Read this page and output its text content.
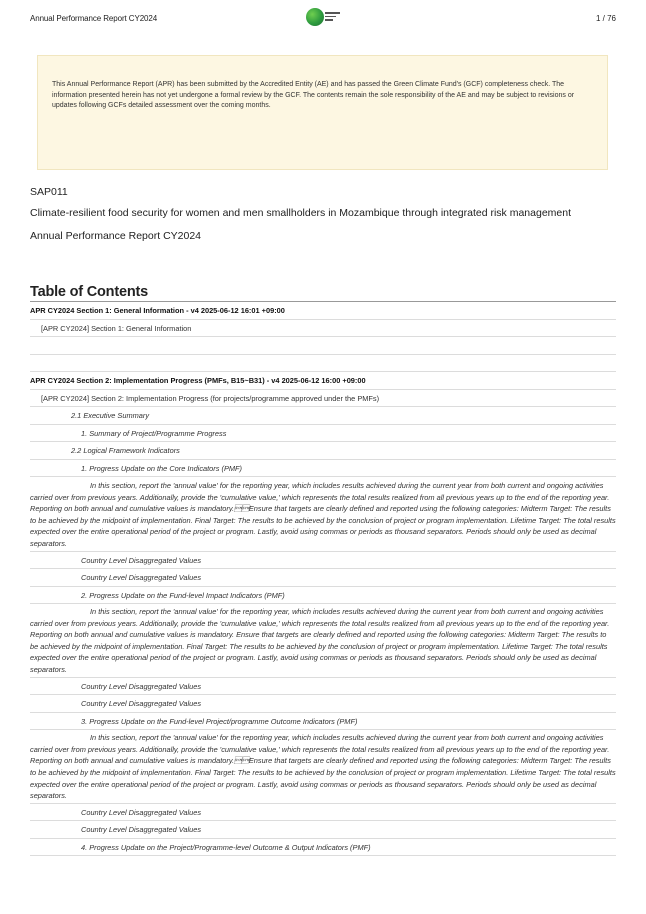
Annual Performance Report CY2024	1 / 76
This Annual Performance Report (APR) has been submitted by the Accredited Entity (AE) and has passed the Green Climate Fund's (GCF) completeness check. The information presented herein has not yet undergone a formal review by the GCF. The contents remain the sole responsibility of the AE and may be subject to revisions or updates following GCFs detailed assessment over the coming months.

SAP011

Climate-resilient food security for women and men smallholders in Mozambique through integrated risk management

Annual Performance Report CY2024

Table of Contents
APR CY2024 Section 1: General Information - v4 2025-06-12 16:01 +09:00
[APR CY2024] Section 1: General Information
APR CY2024 Section 2: Implementation Progress (PMFs, B15~B31) - v4 2025-06-12 16:00 +09:00
[APR CY2024] Section 2: Implementation Progress (for projects/programme approved under the PMFs)
2.1 Executive Summary
1. Summary of Project/Programme Progress
2.2 Logical Framework Indicators
1. Progress Update on the Core Indicators (PMF)
In this section, report the 'annual value' for the reporting year, which includes results achieved during the current year from both current and ongoing activities carried over from previous years. Additionally, provide the 'cumulative value,' which represents the total results realized from all previous years up to the end of the reporting year. Reporting on both annual and cumulative values is mandatory.Ensure that targets are clearly defined and reported using the following categories: Midterm Target: The results to be achieved by the midpoint of implementation. Final Target: The results to be achieved by the conclusion of project or program implementation. Lifetime Target: The total results expected over the entire operational period of the project or program. Lastly, avoid using commas or periods as thousand separators. Periods should only be used as decimal separators.
Country Level Disaggregated Values
Country Level Disaggregated Values
2. Progress Update on the Fund-level Impact Indicators (PMF)
In this section, report the 'annual value' for the reporting year, which includes results achieved during the current year from both current and ongoing activities carried over from previous years. Additionally, provide the 'cumulative value,' which represents the total results realized from all previous years up to the end of the reporting year. Reporting on both annual and cumulative values is mandatory. Ensure that targets are clearly defined and reported using the following categories: Midterm Target: The results to be achieved by the midpoint of implementation. Final Target: The results to be achieved by the conclusion of project or program implementation. Lifetime Target: The total results expected over the entire operational period of the project or program. Lastly, avoid using commas or periods as thousand separators. Periods should only be used as decimal separators.
Country Level Disaggregated Values
Country Level Disaggregated Values
3. Progress Update on the Fund-level Project/programme Outcome Indicators (PMF)
In this section, report the 'annual value' for the reporting year, which includes results achieved during the current year from both current and ongoing activities carried over from previous years. Additionally, provide the 'cumulative value,' which represents the total results realized from all previous years up to the end of the reporting year. Reporting on both annual and cumulative values is mandatory.Ensure that targets are clearly defined and reported using the following categories: Midterm Target: The results to be achieved by the midpoint of implementation. Final Target: The results to be achieved by the conclusion of project or program implementation. Lifetime Target: The total results expected over the entire operational period of the project or program. Lastly, avoid using commas or periods as thousand separators. Periods should only be used as decimal separators.
Country Level Disaggregated Values
Country Level Disaggregated Values
4. Progress Update on the Project/Programme-level Outcome & Output Indicators (PMF)
